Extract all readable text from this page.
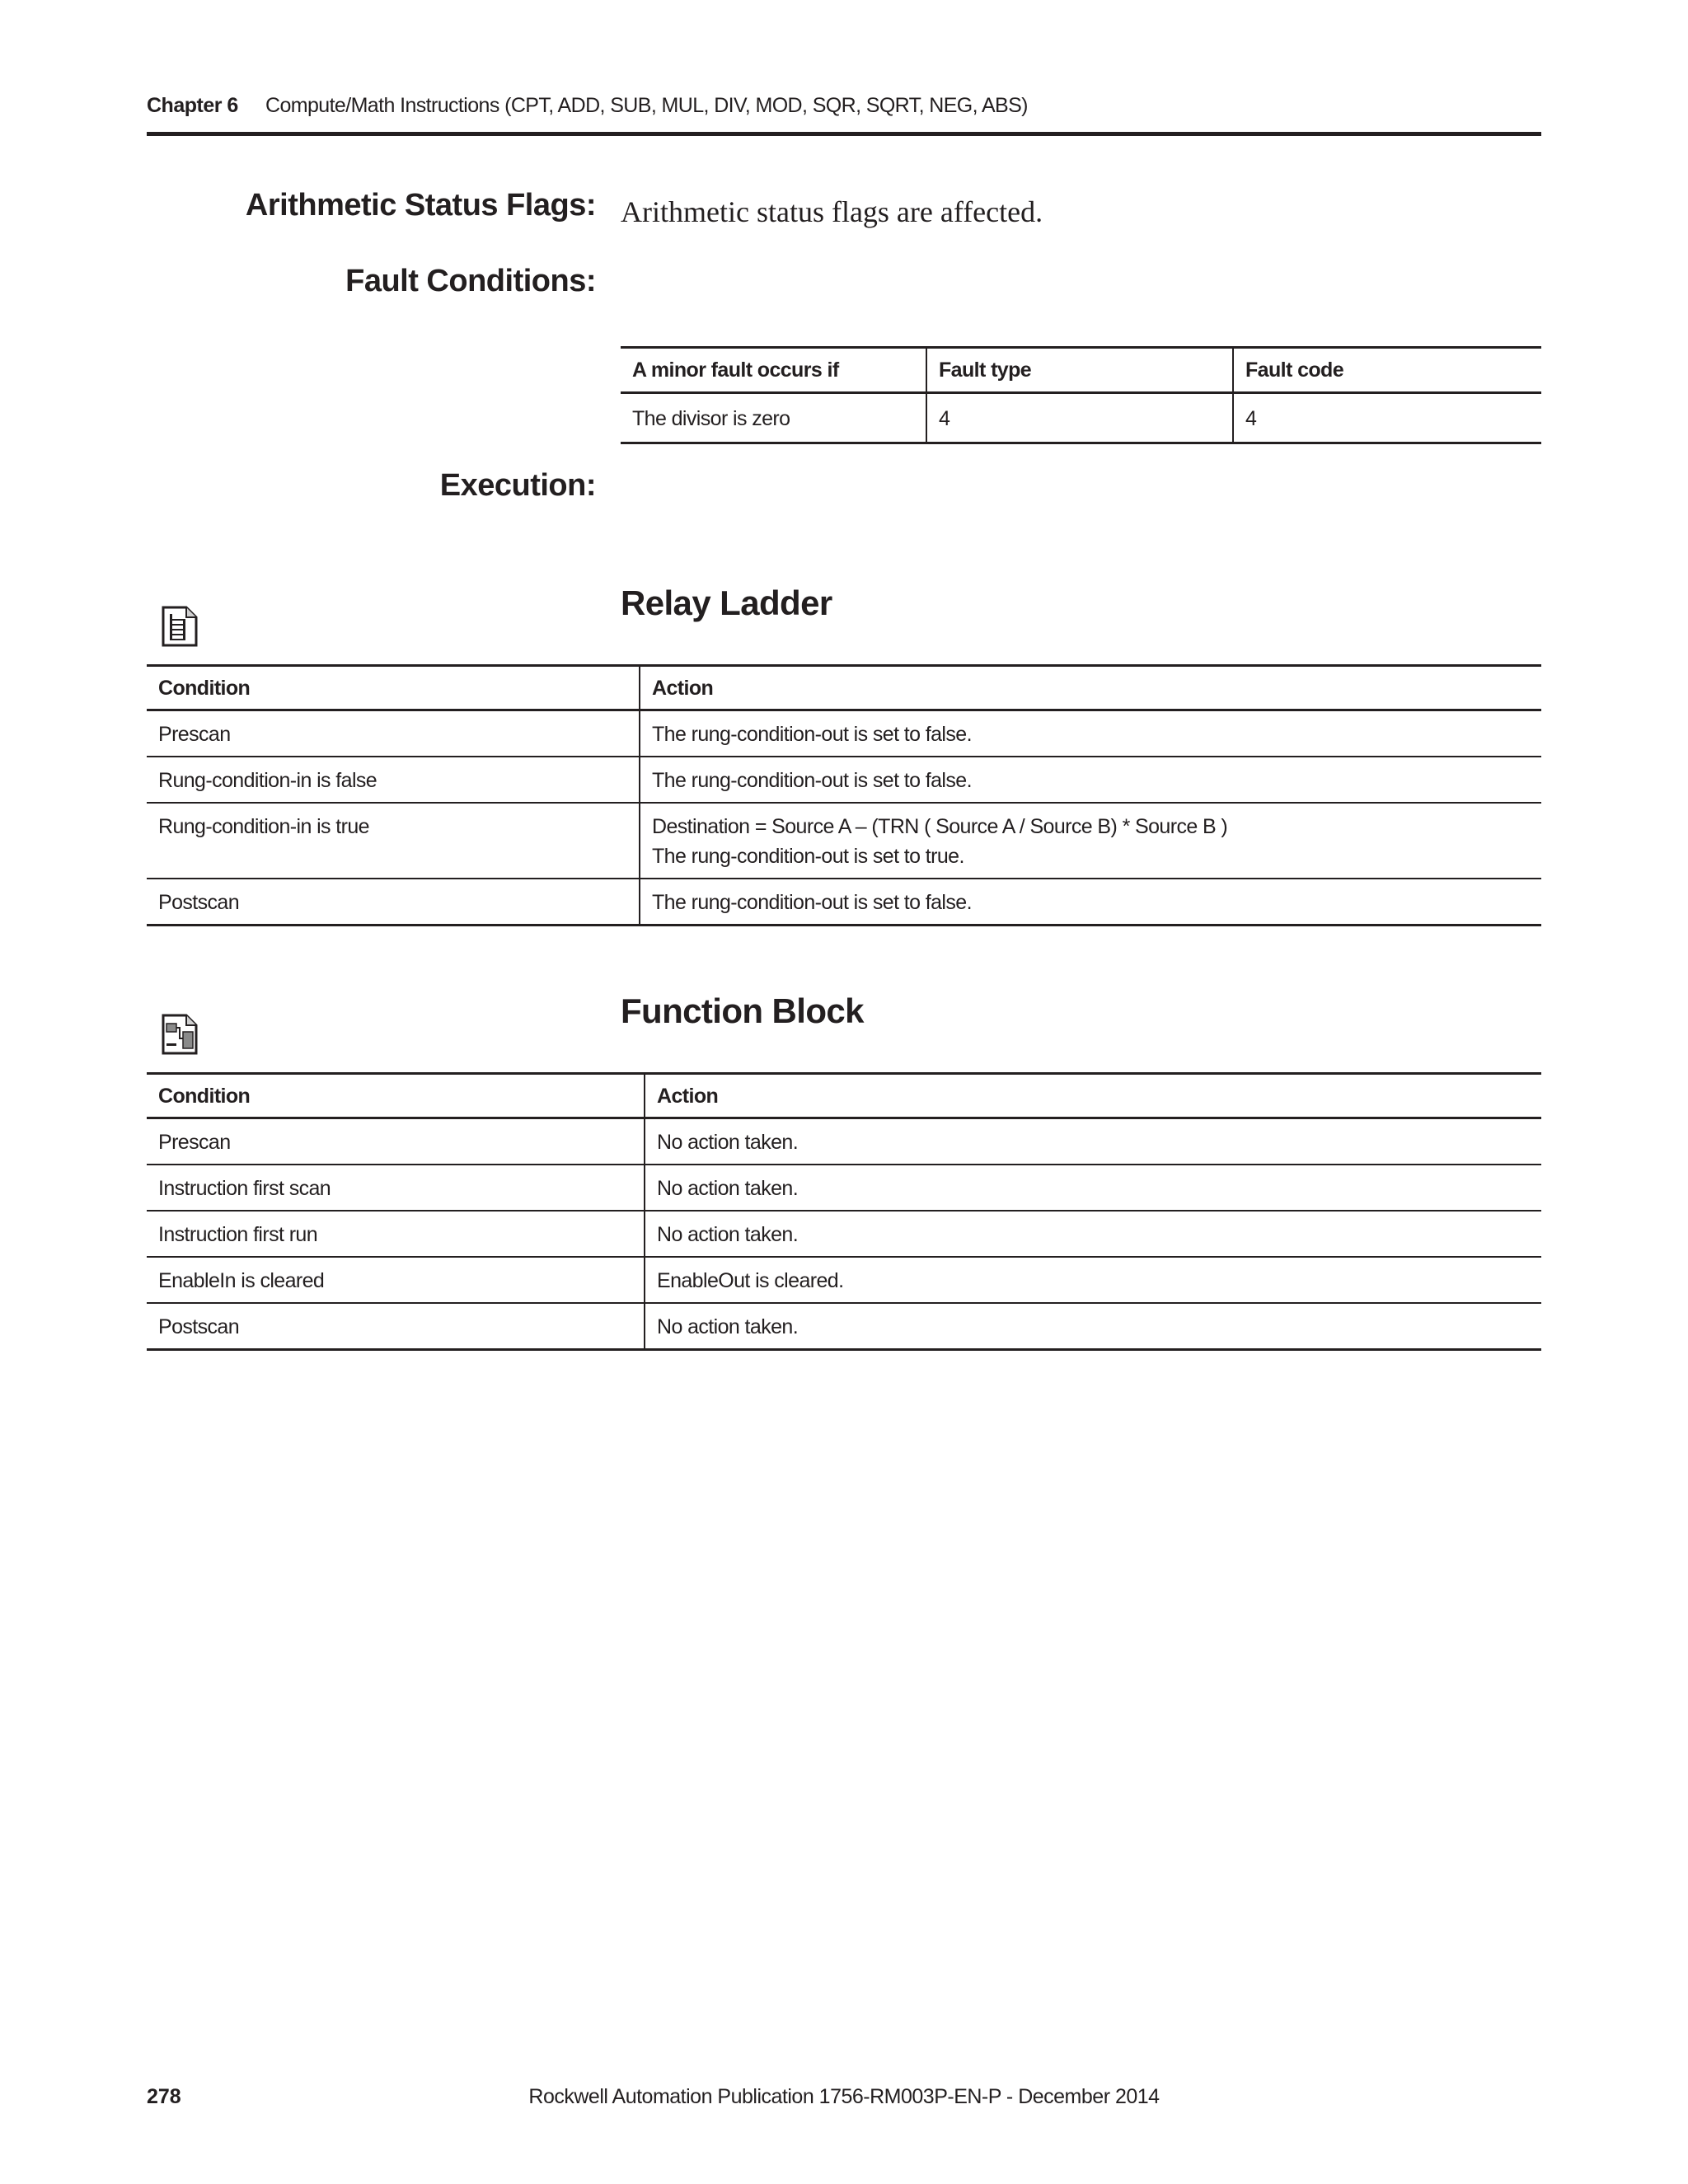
Chapter 6 Compute/Math Instructions (CPT, ADD, SUB, MUL, DIV, MOD, SQR, SQRT, NEG, ABS)
Arithmetic Status Flags: Arithmetic status flags are affected.
Fault Conditions:
A minor fault occurs if	Fault type	Fault code
The divisor is zero	4	4
Execution:
Relay Ladder
Condition	Action
Prescan	The rung-condition-out is set to false.
Rung-condition-in is false	The rung-condition-out is set to false.
Rung-condition-in is true	Destination = Source A – (TRN ( Source A / Source B) * Source B )
The rung-condition-out is set to true.

Postscan	The rung-condition-out is set to false.
Function Block
Condition	Action
Prescan	No action taken.
Instruction first scan	No action taken.
Instruction first run	No action taken.
EnableIn is cleared	EnableOut is cleared.
Postscan	No action taken.
Rockwell Automation Publication 1756-RM003P-EN-P - December 2014
278
